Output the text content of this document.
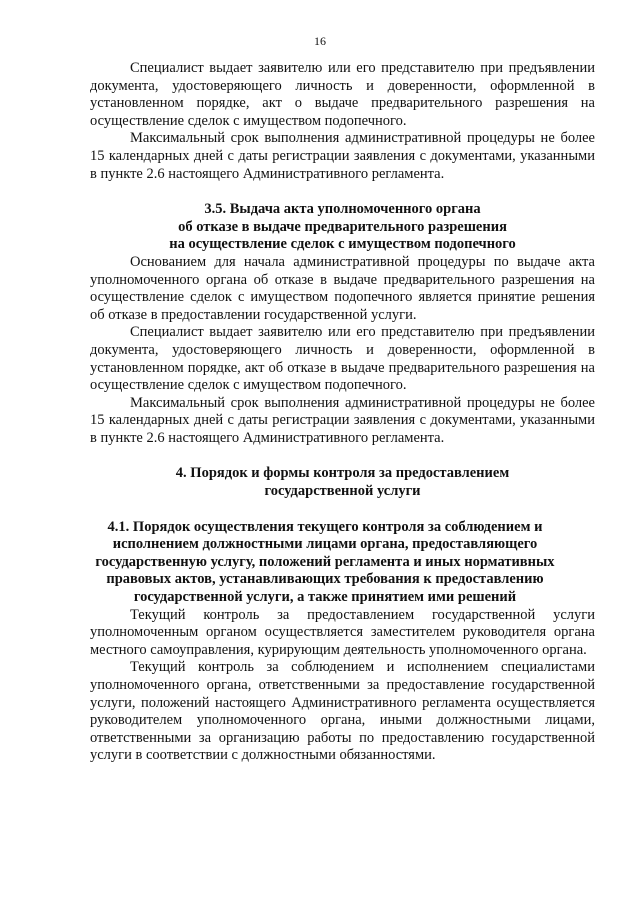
16

Специалист выдает заявителю или его представителю при предъявлении документа, удостоверяющего личность и доверенности, оформленной в установленном порядке, акт о выдаче предварительного разрешения на осуществление сделок с имуществом подопечного.

Максимальный срок выполнения административной процедуры не более 15 календарных дней с даты регистрации заявления с документами, указанными в пункте 2.6 настоящего Административного регламента.

3.5. Выдача акта уполномоченного органа
об отказе в выдаче предварительного разрешения
на осуществление сделок с имуществом подопечного

Основанием для начала административной процедуры по выдаче акта уполномоченного органа об отказе в выдаче предварительного разрешения на осуществление сделок с имуществом подопечного является принятие решения об отказе в предоставлении государственной услуги.

Специалист выдает заявителю или его представителю при предъявлении документа, удостоверяющего личность и доверенности, оформленной в установленном порядке, акт об отказе в выдаче предварительного разрешения на осуществление сделок с имуществом подопечного.

Максимальный срок выполнения административной процедуры не более 15 календарных дней с даты регистрации заявления с документами, указанными в пункте 2.6 настоящего Административного регламента.

4. Порядок и формы контроля за предоставлением
государственной услуги
4.1. Порядок осуществления текущего контроля за соблюдением и исполнением должностными лицами органа, предоставляющего государственную услугу, положений регламента и иных нормативных правовых актов, устанавливающих требования к предоставлению государственной услуги, а также принятием ими решений

Текущий контроль за предоставлением государственной услуги уполномоченным органом осуществляется заместителем руководителя органа местного самоуправления, курирующим деятельность уполномоченного органа.

Текущий контроль за соблюдением и исполнением специалистами уполномоченного органа, ответственными за предоставление государственной услуги, положений настоящего Административного регламента осуществляется руководителем уполномоченного органа, иными должностными лицами, ответственными за организацию работы по предоставлению государственной услуги в соответствии с должностными обязанностями.
